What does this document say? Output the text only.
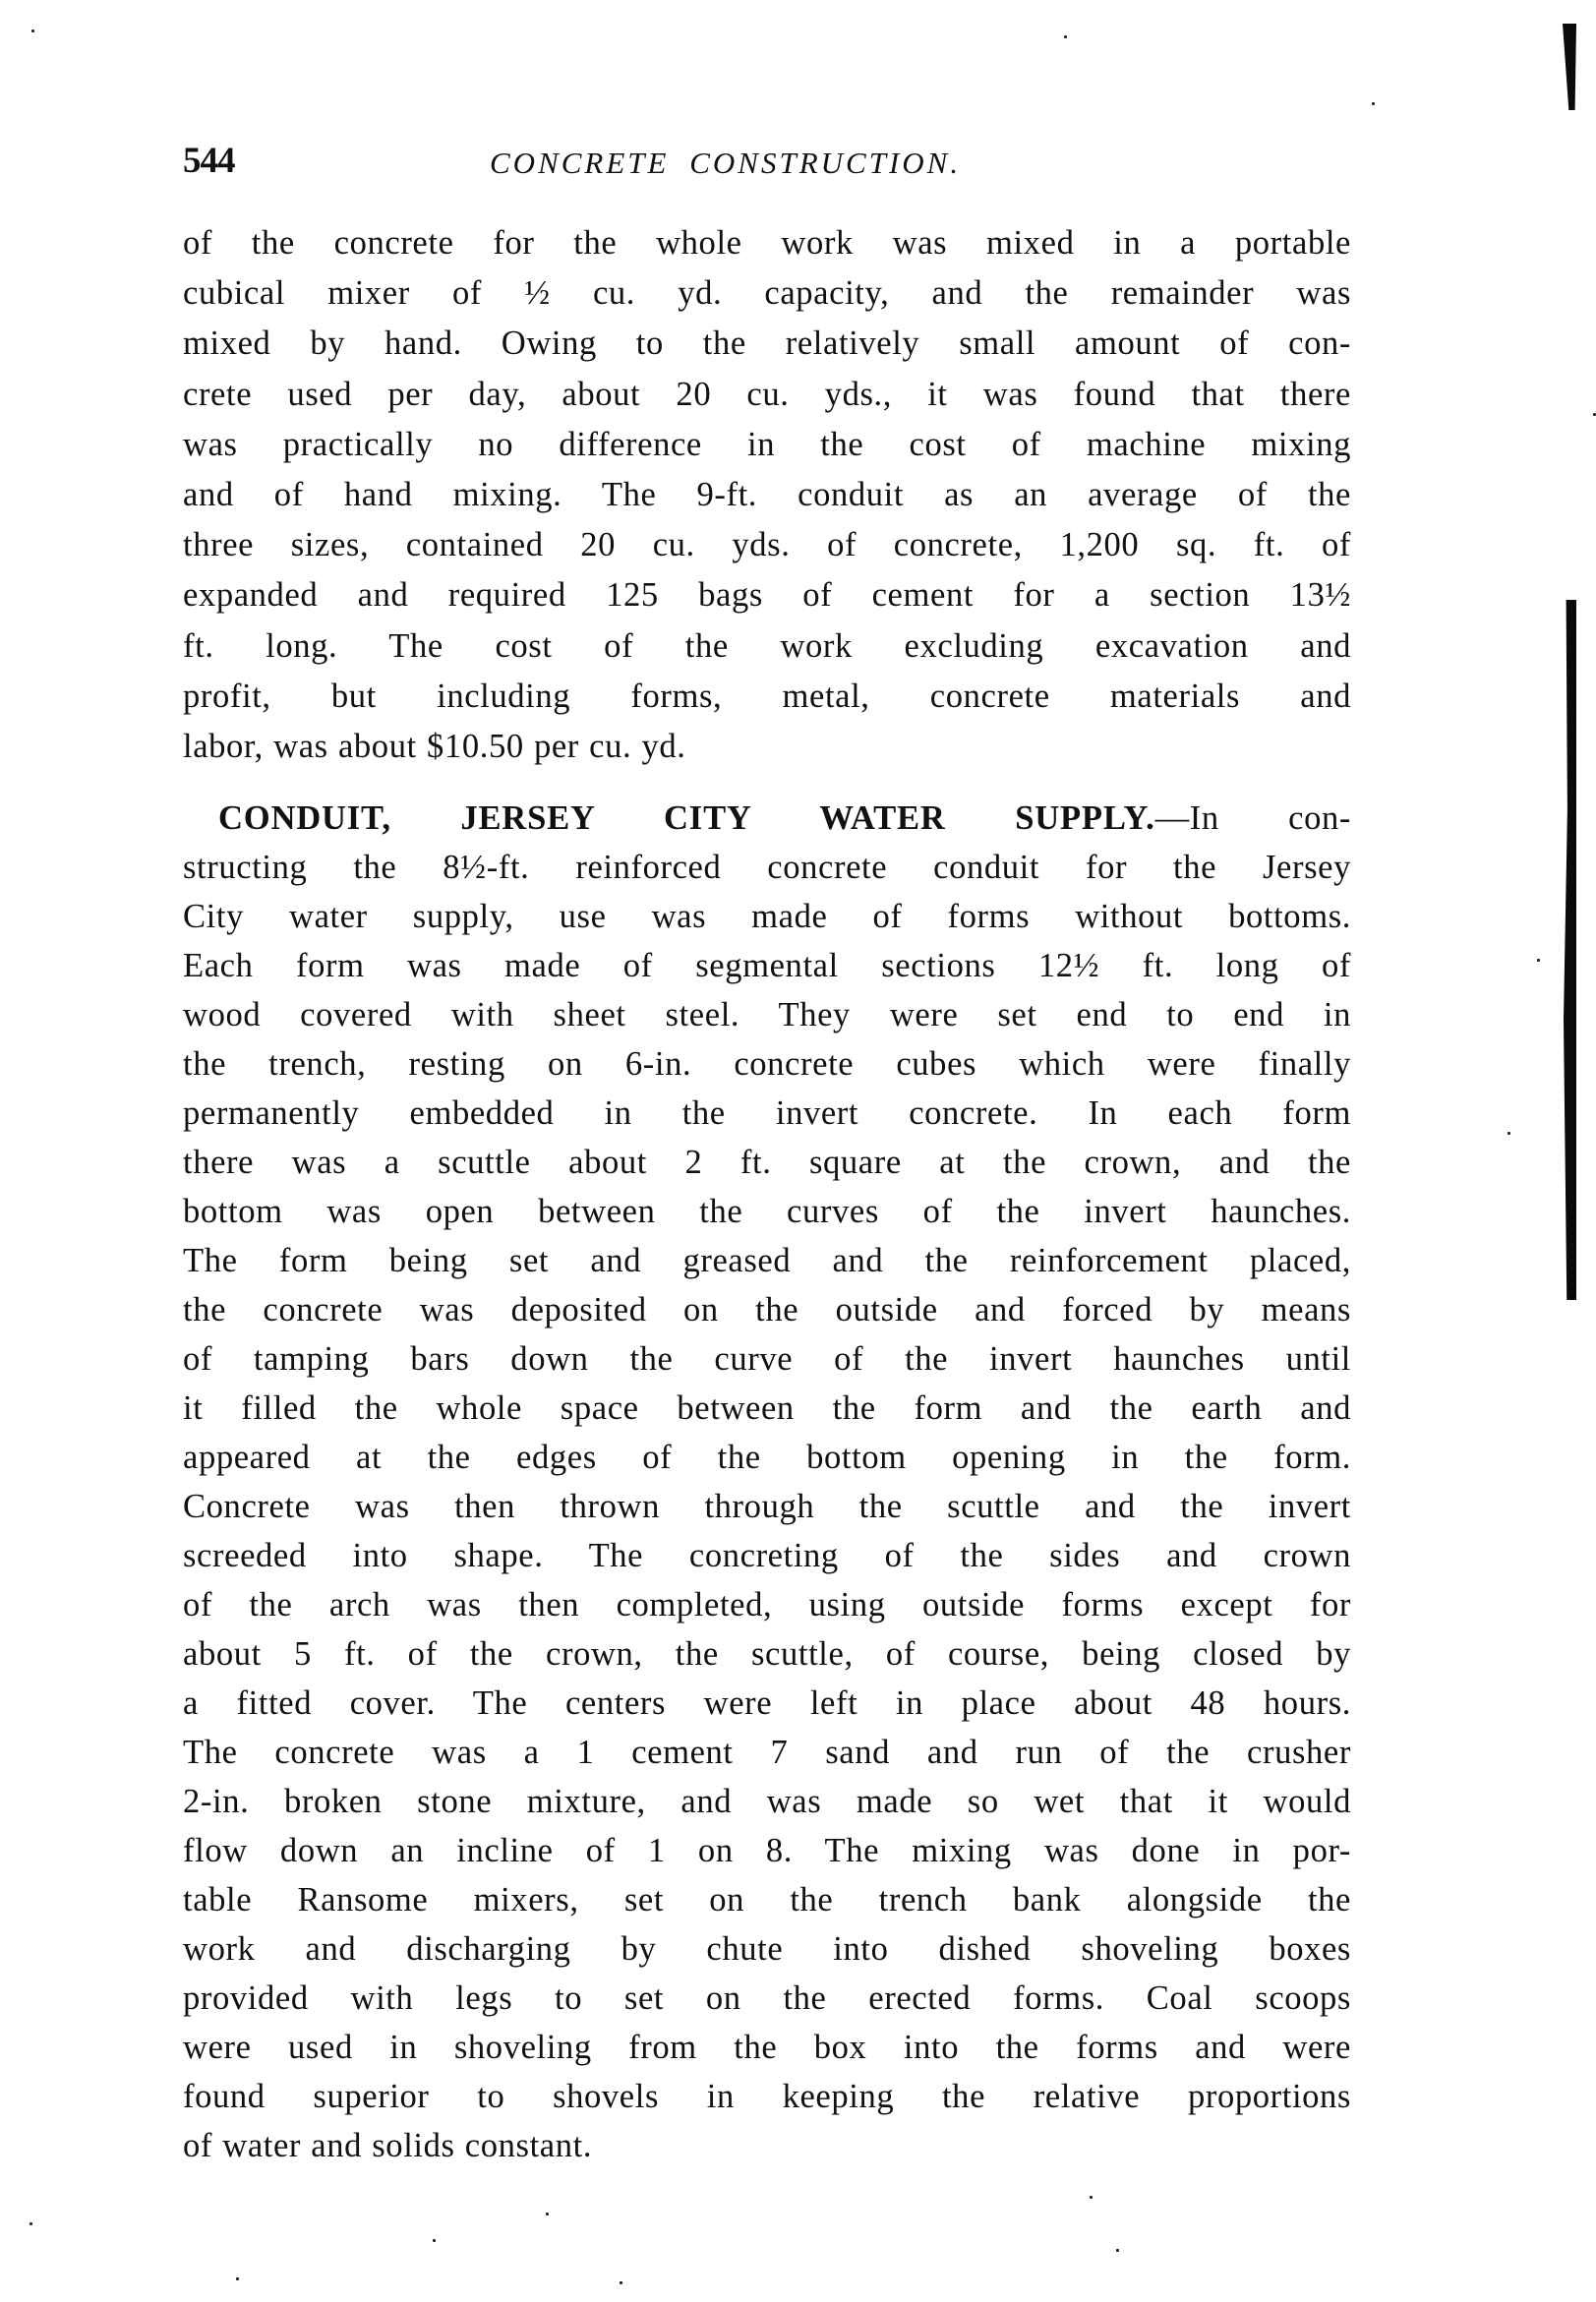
544	CONCRETE CONSTRUCTION.

of the concrete for the whole work was mixed in a portable
cubical mixer of ½ cu. yd. capacity, and the remainder was
mixed by hand. Owing to the relatively small amount of con-
crete used per day, about 20 cu. yds., it was found that there
was practically no difference in the cost of machine mixing
and of hand mixing. The 9-ft. conduit as an average of the
three sizes, contained 20 cu. yds. of concrete, 1,200 sq. ft. of
expanded and required 125 bags of cement for a section 13½
ft. long. The cost of the work excluding excavation and
profit, but including forms, metal, concrete materials and
labor, was about $10.50 per cu. yd.

CONDUIT, JERSEY CITY WATER SUPPLY.—In con-
structing the 8½-ft. reinforced concrete conduit for the Jersey
City water supply, use was made of forms without bottoms.
Each form was made of segmental sections 12½ ft. long of
wood covered with sheet steel. They were set end to end in
the trench, resting on 6-in. concrete cubes which were finally
permanently embedded in the invert concrete. In each form
there was a scuttle about 2 ft. square at the crown, and the
bottom was open between the curves of the invert haunches.
The form being set and greased and the reinforcement placed,
the concrete was deposited on the outside and forced by means
of tamping bars down the curve of the invert haunches until
it filled the whole space between the form and the earth and
appeared at the edges of the bottom opening in the form.
Concrete was then thrown through the scuttle and the invert
screeded into shape. The concreting of the sides and crown
of the arch was then completed, using outside forms except for
about 5 ft. of the crown, the scuttle, of course, being closed by
a fitted cover. The centers were left in place about 48 hours.
The concrete was a 1 cement 7 sand and run of the crusher
2-in. broken stone mixture, and was made so wet that it would
flow down an incline of 1 on 8. The mixing was done in por-
table Ransome mixers, set on the trench bank alongside the
work and discharging by chute into dished shoveling boxes
provided with legs to set on the erected forms. Coal scoops
were used in shoveling from the box into the forms and were
found superior to shovels in keeping the relative proportions
of water and solids constant.
